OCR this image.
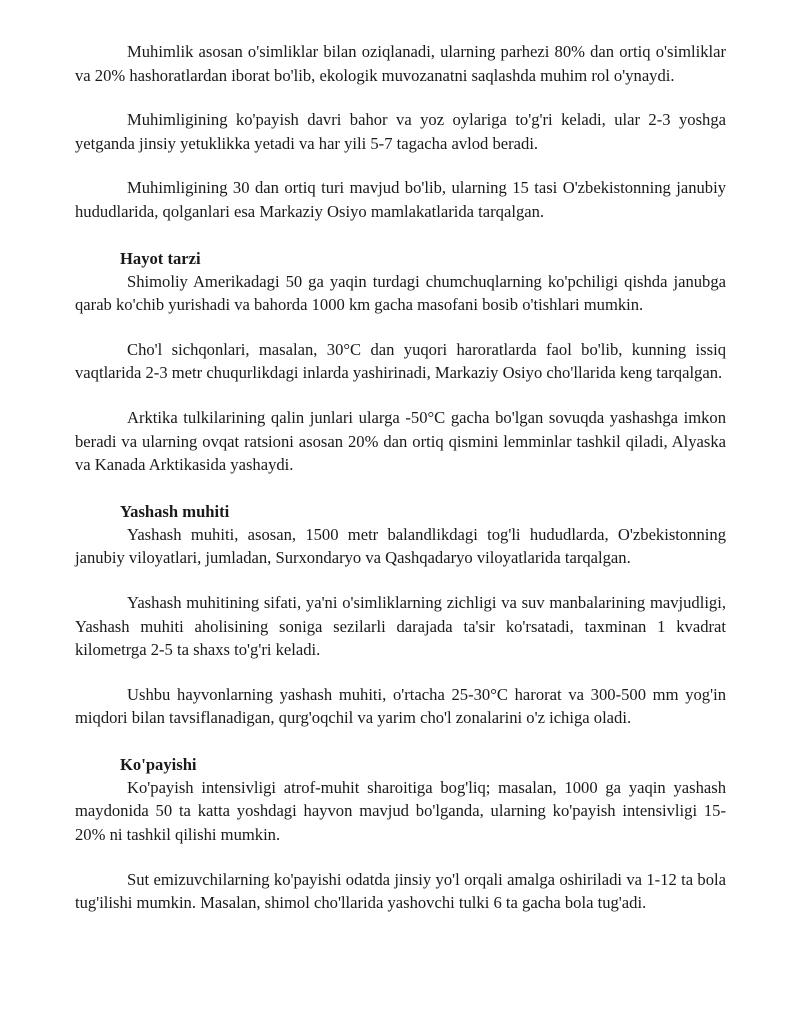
Muhimlik asosan o'simliklar bilan oziqlanadi, ularning parhezi 80% dan ortiq o'simliklar va 20% hashoratlardan iborat bo'lib, ekologik muvozanatni saqlashda muhim rol o'ynaydi.

Muhimligining ko'payish davri bahor va yoz oylariga to'g'ri keladi, ular 2-3 yoshga yetganda jinsiy yetuklikka yetadi va har yili 5-7 tagacha avlod beradi.

Muhimligining 30 dan ortiq turi mavjud bo'lib, ularning 15 tasi O'zbekistonning janubiy hududlarida, qolganlari esa Markaziy Osiyo mamlakatlarida tarqalgan.

Hayot tarzi

Shimoliy Amerikadagi 50 ga yaqin turdagi chumchuqlarning ko'pchiligi qishda janubga qarab ko'chib yurishadi va bahorda 1000 km gacha masofani bosib o'tishlari mumkin.

Cho'l sichqonlari, masalan, 30°C dan yuqori haroratlarda faol bo'lib, kunning issiq vaqtlarida 2-3 metr chuqurlikdagi inlarda yashirinadi, Markaziy Osiyo cho'llarida keng tarqalgan.

Arktika tulkilarining qalin junlari ularga -50°C gacha bo'lgan sovuqda yashashga imkon beradi va ularning ovqat ratsioni asosan 20% dan ortiq qismini lemminlar tashkil qiladi, Alyaska va Kanada Arktikasida yashaydi.

Yashash muhiti

Yashash muhiti, asosan, 1500 metr balandlikdagi tog'li hududlarda, O'zbekistonning janubiy viloyatlari, jumladan, Surxondaryo va Qashqadaryo viloyatlarida tarqalgan.

Yashash muhitining sifati, ya'ni o'simliklarning zichligi va suv manbalarining mavjudligi, Yashash muhiti aholisining soniga sezilarli darajada ta'sir ko'rsatadi, taxminan 1 kvadrat kilometrga 2-5 ta shaxs to'g'ri keladi.

Ushbu hayvonlarning yashash muhiti, o'rtacha 25-30°C harorat va 300-500 mm yog'in miqdori bilan tavsiflanadigan, qurg'oqchil va yarim cho'l zonalarini o'z ichiga oladi.

Ko'payishi

Ko'payish intensivligi atrof-muhit sharoitiga bog'liq; masalan, 1000 ga yaqin yashash maydonida 50 ta katta yoshdagi hayvon mavjud bo'lganda, ularning ko'payish intensivligi 15-20% ni tashkil qilishi mumkin.

Sut emizuvchilarning ko'payishi odatda jinsiy yo'l orqali amalga oshiriladi va 1-12 ta bola tug'ilishi mumkin. Masalan, shimol cho'llarida yashovchi tulki 6 ta gacha bola tug'adi.
